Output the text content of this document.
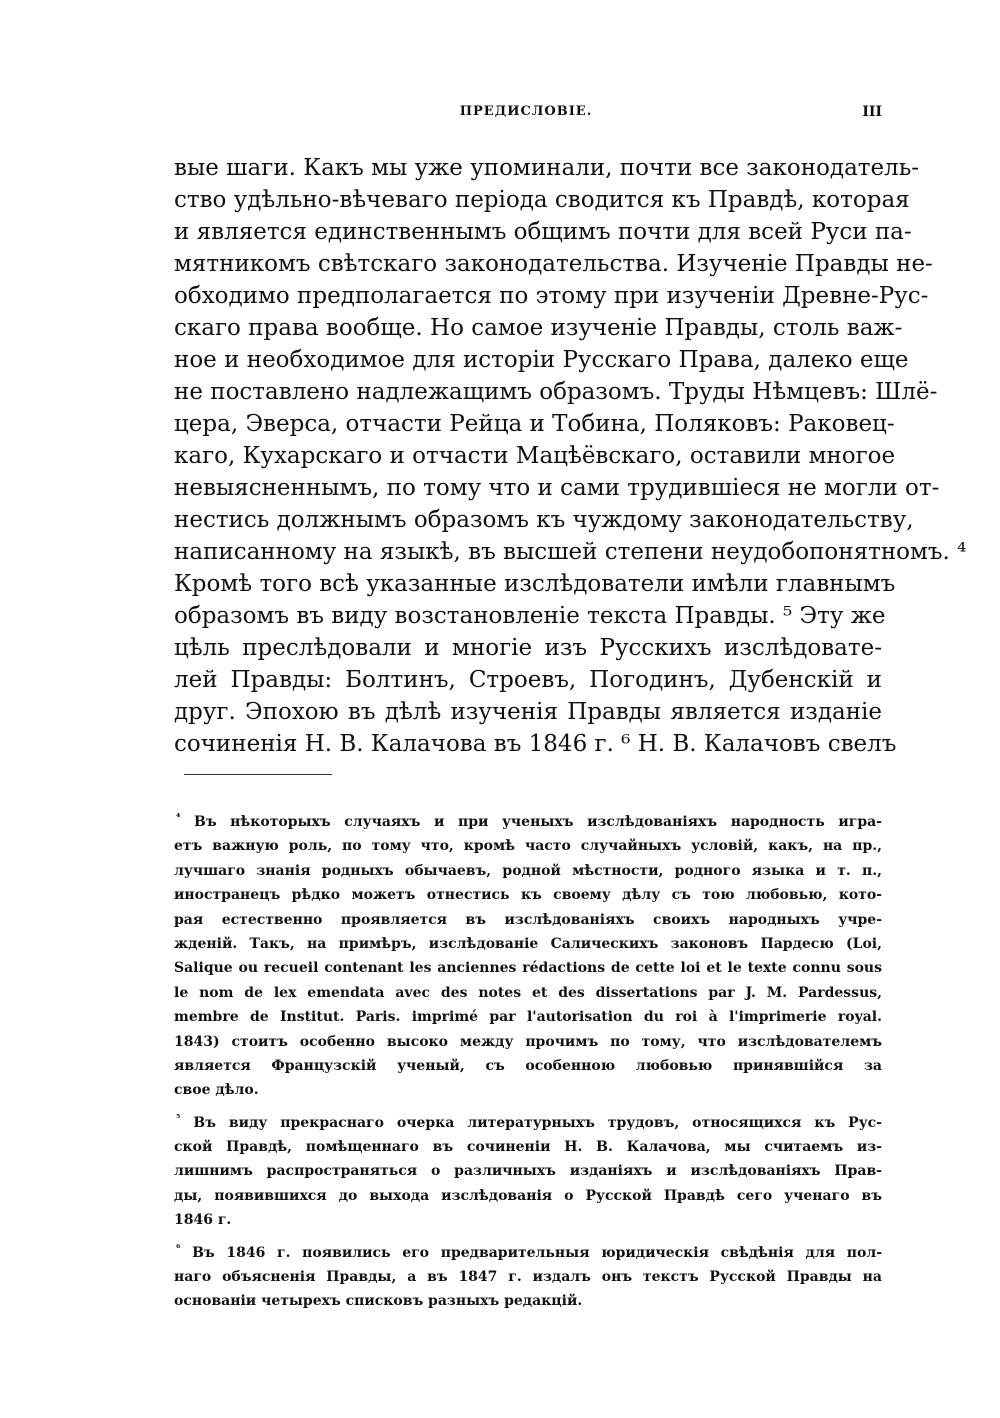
ПРЕДИСЛОВІЕ.	III
вые шаги. Какъ мы уже упоминали, почти все законодатель-
ство удѣльно-вѣчеваго періода сводится къ Правдѣ, которая
и является единственнымъ общимъ почти для всей Руси па-
мятникомъ свѣтскаго законодательства. Изученіе Правды не-
обходимо предполагается по этому при изученіи Древне-Рус-
скаго права вообще. Но самое изученіе Правды, столь важ-
ное и необходимое для исторіи Русскаго Права, далеко еще
не поставлено надлежащимъ образомъ. Труды Нѣмцевъ: Шлё-
цера, Эверса, отчасти Рейца и Тобина, Поляковъ: Раковец-
каго, Кухарскаго и отчасти Мацѣёвскаго, оставили многое
невыясненнымъ, по тому что и сами трудившіеся не могли от-
нестись должнымъ образомъ къ чуждому законодательству,
написанному на языкѣ, въ высшей степени неудобопонятномъ. ⁴
Кромѣ того всѣ указанные изслѣдователи имѣли главнымъ
образомъ въ виду возстановленіе текста Правды. ⁵ Эту же
цѣль преслѣдовали и многіе изъ Русскихъ изслѣдовате-
лей Правды: Болтинъ, Строевъ, Погодинъ, Дубенскій и
друг. Эпохою въ дѣлѣ изученія Правды является изданіе
сочиненія Н. В. Калачова въ 1846 г. ⁶ Н. В. Калачовъ свелъ
$^{^4}$ Въ нѣкоторыхъ случаяхъ и при ученыхъ изслѣдованіяхъ народность игра-
етъ важную роль, по тому что, кромѣ часто случайныхъ условій, какъ, на пр.,
лучшаго знанія родныхъ обычаевъ, родной мѣстности, родного языка и т. п.,
иностранецъ рѣдко можетъ отнестись къ своему дѣлу съ тою любовью, кото-
рая естественно проявляется въ изслѣдованіяхъ своихъ народныхъ учре-
жденій. Такъ, на примѣръ, изслѣдованіе Салическихъ законовъ Пардесю (Loi,
Salique ou recueil contenant les anciennes rédactions de cette loi et le texte connu sous
le nom de lex emendata avec des notes et des dissertations par J. M. Pardessus,
membre de Institut. Paris. imprimé par l'autorisation du roi à l'imprimerie royal.
1843) стоитъ особенно высоко между прочимъ по тому, что изслѣдователемъ
является Французскій ученый, съ особенною любовью принявшійся за
свое дѣло.
$^{^5}$ Въ виду прекраснаго очерка литературныхъ трудовъ, относящихся къ Рус-
ской Правдѣ, помѣщеннаго въ сочиненіи Н. В. Калачова, мы считаемъ из-
лишнимъ распространяться о различныхъ изданіяхъ и изслѣдованіяхъ Прав-
ды, появившихся до выхода изслѣдованія о Русской Правдѣ сего ученаго въ
1846 г.
$^{^6}$ Въ 1846 г. появились его предварительныя юридическія свѣдѣнія для пол-
наго объясненія Правды, а въ 1847 г. издалъ онъ текстъ Русской Правды на
основаніи четырехъ списковъ разныхъ редакцій.
